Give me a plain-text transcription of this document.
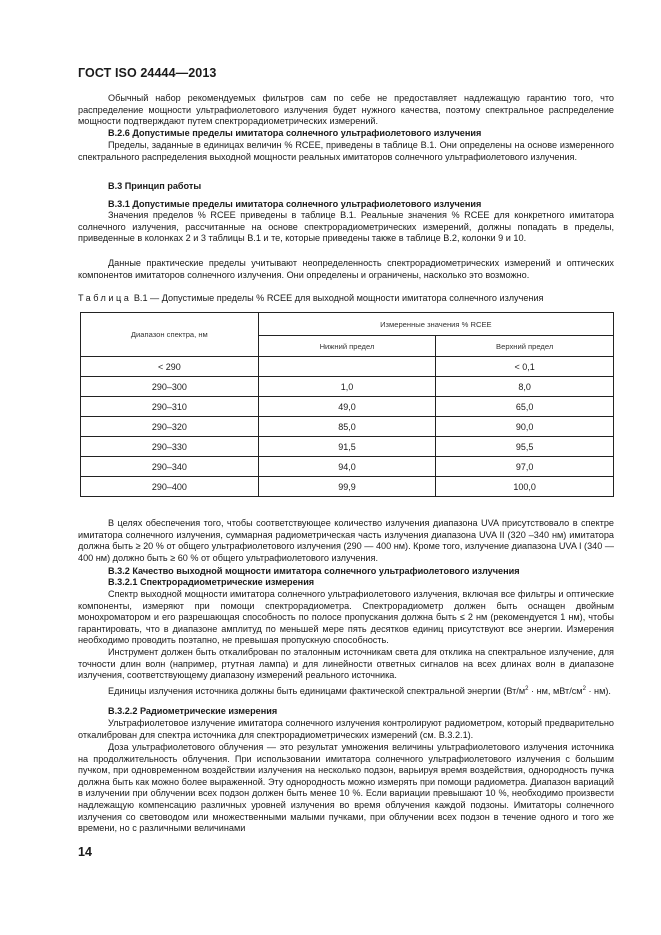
ГОСТ ISO 24444—2013
Обычный набор рекомендуемых фильтров сам по себе не предоставляет надлежащую гарантию того, что распределение мощности ультрафиолетового излучения будет нужного качества, поэтому спектральное распределение мощности подтверждают путем спектрорадиометрических измерений.
B.2.6 Допустимые пределы имитатора солнечного ультрафиолетового излучения
Пределы, заданные в единицах величин % RCEE, приведены в таблице B.1. Они определены на основе измеренного спектрального распределения выходной мощности реальных имитаторов солнечного ультрафиолетового излучения.
B.3 Принцип работы
B.3.1 Допустимые пределы имитатора солнечного ультрафиолетового излучения
Значения пределов % RCEE приведены в таблице B.1. Реальные значения % RCEE для конкретного имитатора солнечного излучения, рассчитанные на основе спектрорадиометрических измерений, должны попадать в пределы, приведенные в колонках 2 и 3 таблицы B.1 и те, которые приведены также в таблице B.2, колонки 9 и 10.
Данные практические пределы учитывают неопределенность спектрорадиометрических измерений и оптических компонентов имитаторов солнечного излучения. Они определены и ограничены, насколько это возможно.
Таблица B.1 — Допустимые пределы % RCEE для выходной мощности имитатора солнечного излучения
Диапазон спектра, нм	Измеренные значения % RCEE	
	Нижний предел	Верхний предел
< 290		< 0,1
290–300	1,0	8,0
290–310	49,0	65,0
290–320	85,0	90,0
290–330	91,5	95,5
290–340	94,0	97,0
290–400	99,9	100,0
В целях обеспечения того, чтобы соответствующее количество излучения диапазона UVA присутствовало в спектре имитатора солнечного излучения, суммарная радиометрическая часть излучения диапазона UVA II (320 –340 нм) имитатора должна быть ≥ 20 % от общего ультрафиолетового излучения (290 — 400 нм). Кроме того, излучение диапазона UVA I (340 — 400 нм) должно быть ≥ 60 % от общего ультрафиолетового излучения.
B.3.2 Качество выходной мощности имитатора солнечного ультрафиолетового излучения
B.3.2.1 Спектрорадиометрические измерения
Спектр выходной мощности имитатора солнечного ультрафиолетового излучения, включая все фильтры и оптические компоненты, измеряют при помощи спектрорадиометра. Спектрорадиометр должен быть оснащен двойным монохроматором и его разрешающая способность по полосе пропускания должна быть ≤ 2 нм (рекомендуется 1 нм), чтобы гарантировать, что в диапазоне амплитуд по меньшей мере пять десятков единиц присутствуют все энергии. Измерения необходимо проводить поэтапно, не превышая пропускную способность.
Инструмент должен быть откалиброван по эталонным источникам света для отклика на спектральное излучение, для точности длин волн (например, ртутная лампа) и для линейности ответных сигналов на всех длинах волн в диапазоне излучения, соответствующему диапазону измерений реального источника.
Единицы излучения источника должны быть единицами фактической спектральной энергии ($Вт/м^2$ · нм, мВт/$см^2 \cdot нм$).
B.3.2.2 Радиометрические измерения
Ультрафиолетовое излучение имитатора солнечного излучения контролируют радиометром, который предварительно откалиброван для спектра источника для спектрорадиометрических измерений (см. B.3.2.1).
Доза ультрафиолетового облучения — это результат умножения величины ультрафиолетового излучения источника на продолжительность облучения. При использовании имитатора солнечного ультрафиолетового излучения с большим пучком, при одновременном воздействии излучения на несколько подзон, варьируя время воздействия, однородность пучка должна быть как можно более выраженной. Эту однородность можно измерять при помощи радиометра. Диапазон вариаций в излучении при облучении всех подзон должен быть менее 10 %. Если вариации превышают 10 %, необходимо произвести надлежащую компенсацию различных уровней излучения во время облучения каждой подзоны. Имитаторы солнечного излучения со световодом или множественными малыми пучками, при облучении всех подзон в течение одного и того же времени, но с различными величинами
14
